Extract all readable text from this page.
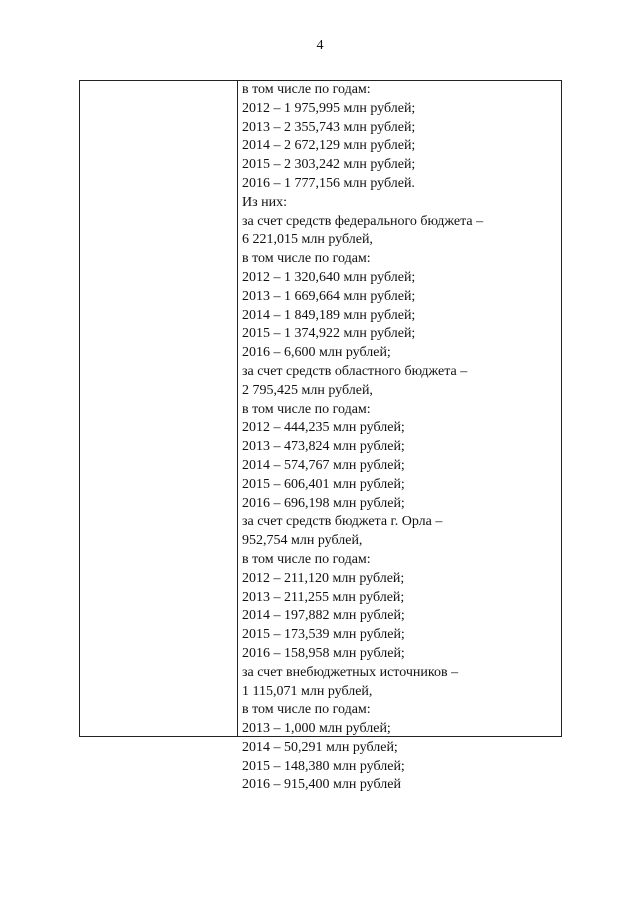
4
в том числе по годам:
2012 – 1 975,995 млн рублей;
2013 – 2 355,743 млн рублей;
2014 – 2 672,129 млн рублей;
2015 – 2 303,242 млн рублей;
2016 – 1 777,156 млн рублей.
Из них:
за счет средств федерального бюджета –
6 221,015 млн рублей,
в том числе по годам:
2012 – 1 320,640 млн рублей;
2013 – 1 669,664 млн рублей;
2014 – 1 849,189 млн рублей;
2015 – 1 374,922 млн рублей;
2016 – 6,600 млн рублей;
за счет средств областного бюджета –
2 795,425 млн рублей,
в том числе по годам:
2012 – 444,235 млн рублей;
2013 – 473,824 млн рублей;
2014 – 574,767 млн рублей;
2015 – 606,401 млн рублей;
2016 – 696,198 млн рублей;
за счет средств бюджета г. Орла –
952,754 млн рублей,
в том числе по годам:
2012 – 211,120 млн рублей;
2013 – 211,255 млн рублей;
2014 – 197,882 млн рублей;
2015 – 173,539 млн рублей;
2016 – 158,958 млн рублей;
за счет внебюджетных источников –
1 115,071 млн рублей,
в том числе по годам:
2013 – 1,000 млн рублей;
2014 – 50,291 млн рублей;
2015 – 148,380 млн рублей;
2016 – 915,400 млн рублей
